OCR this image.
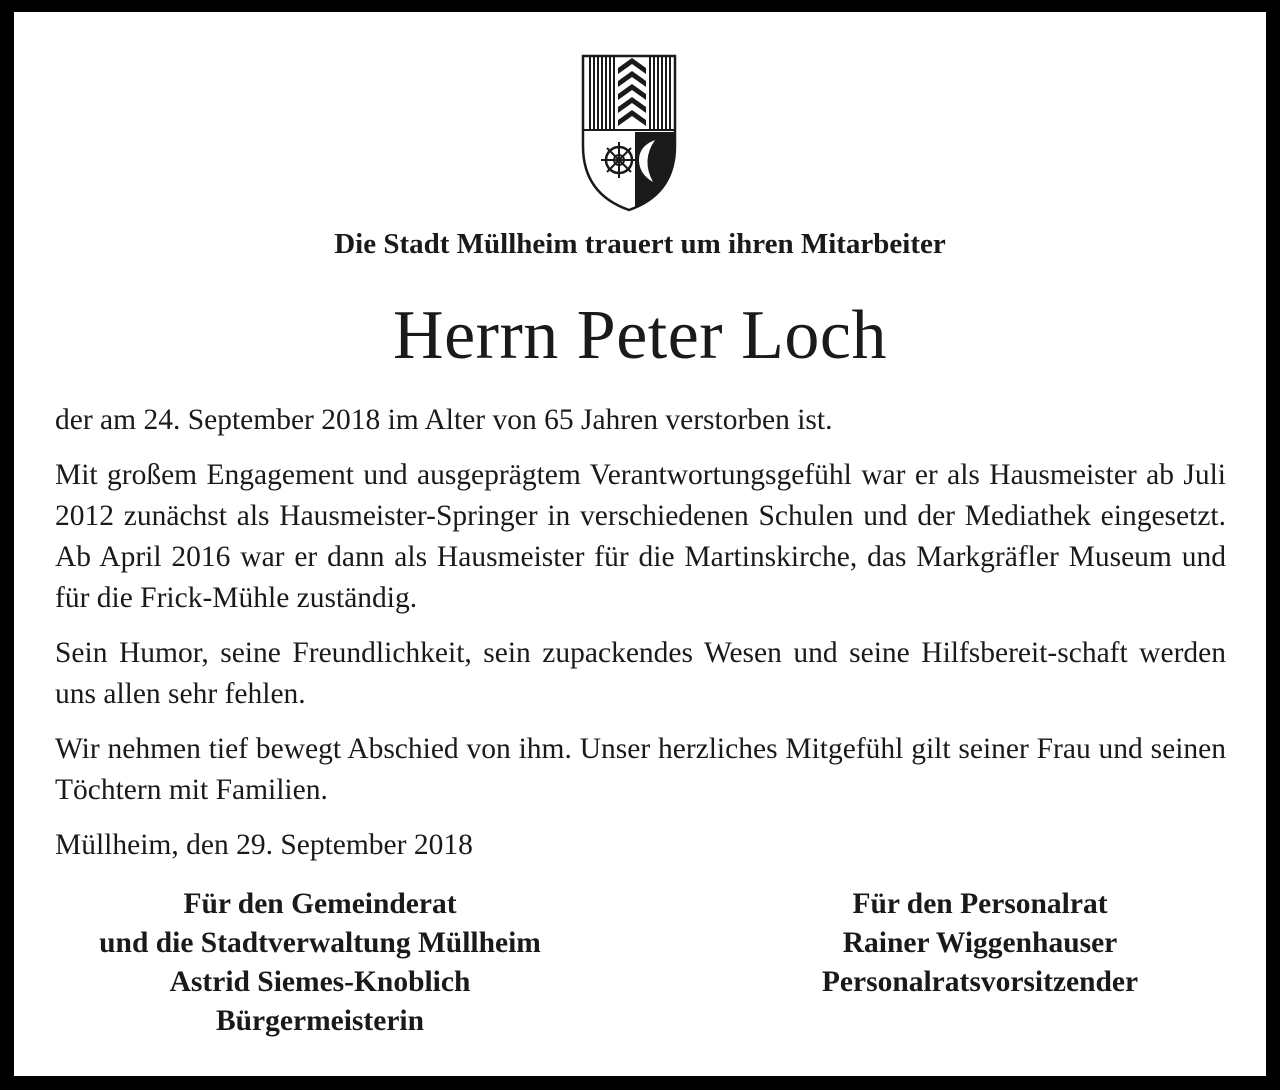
Die Stadt Müllheim trauert um ihren Mitarbeiter
Herrn Peter Loch

der am 24. September 2018 im Alter von 65 Jahren verstorben ist.

Mit großem Engagement und ausgeprägtem Verantwortungsgefühl war er als Hausmeister ab Juli 2012 zunächst als Hausmeister-Springer in verschiedenen Schulen und der Mediathek eingesetzt. Ab April 2016 war er dann als Hausmeister für die Martinskirche, das Markgräfler Museum und für die Frick-Mühle zuständig.

Sein Humor, seine Freundlichkeit, sein zupackendes Wesen und seine Hilfsbereit-schaft werden uns allen sehr fehlen.

Wir nehmen tief bewegt Abschied von ihm. Unser herzliches Mitgefühl gilt seiner Frau und seinen Töchtern mit Familien.

Müllheim, den 29. September 2018

Für den Gemeinderat
und die Stadtverwaltung Müllheim
Astrid Siemes-Knoblich
Bürgermeisterin
Für den Personalrat
Rainer Wiggenhauser
Personalratsvorsitzender
